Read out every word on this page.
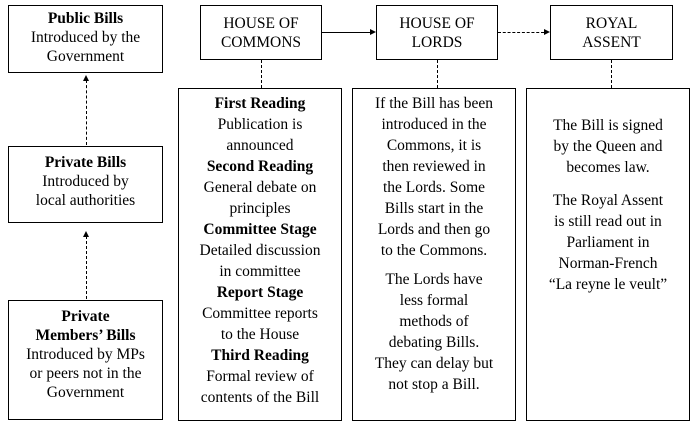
Public Bills
Introduced by the
Government
Private Bills
Introduced by
local authorities
Private
Members’ Bills
Introduced by MPs
or peers not in the
Government
HOUSE OF
COMMONS
HOUSE OF
LORDS
ROYAL
ASSENT
First Reading
Publication is
announced
Second Reading
General debate on
principles
Committee Stage
Detailed discussion
in committee
Report Stage
Committee reports
to the House
Third Reading
Formal review of
contents of the Bill
If the Bill has been
introduced in the
Commons, it is
then reviewed in
the Lords. Some
Bills start in the
Lords and then go
to the Commons.
The Lords have
less formal
methods of
debating Bills.
They can delay but
not stop a Bill.
The Bill is signed
by the Queen and
becomes law.
The Royal Assent
is still read out in
Parliament in
Norman-French
“La reyne le veult”
